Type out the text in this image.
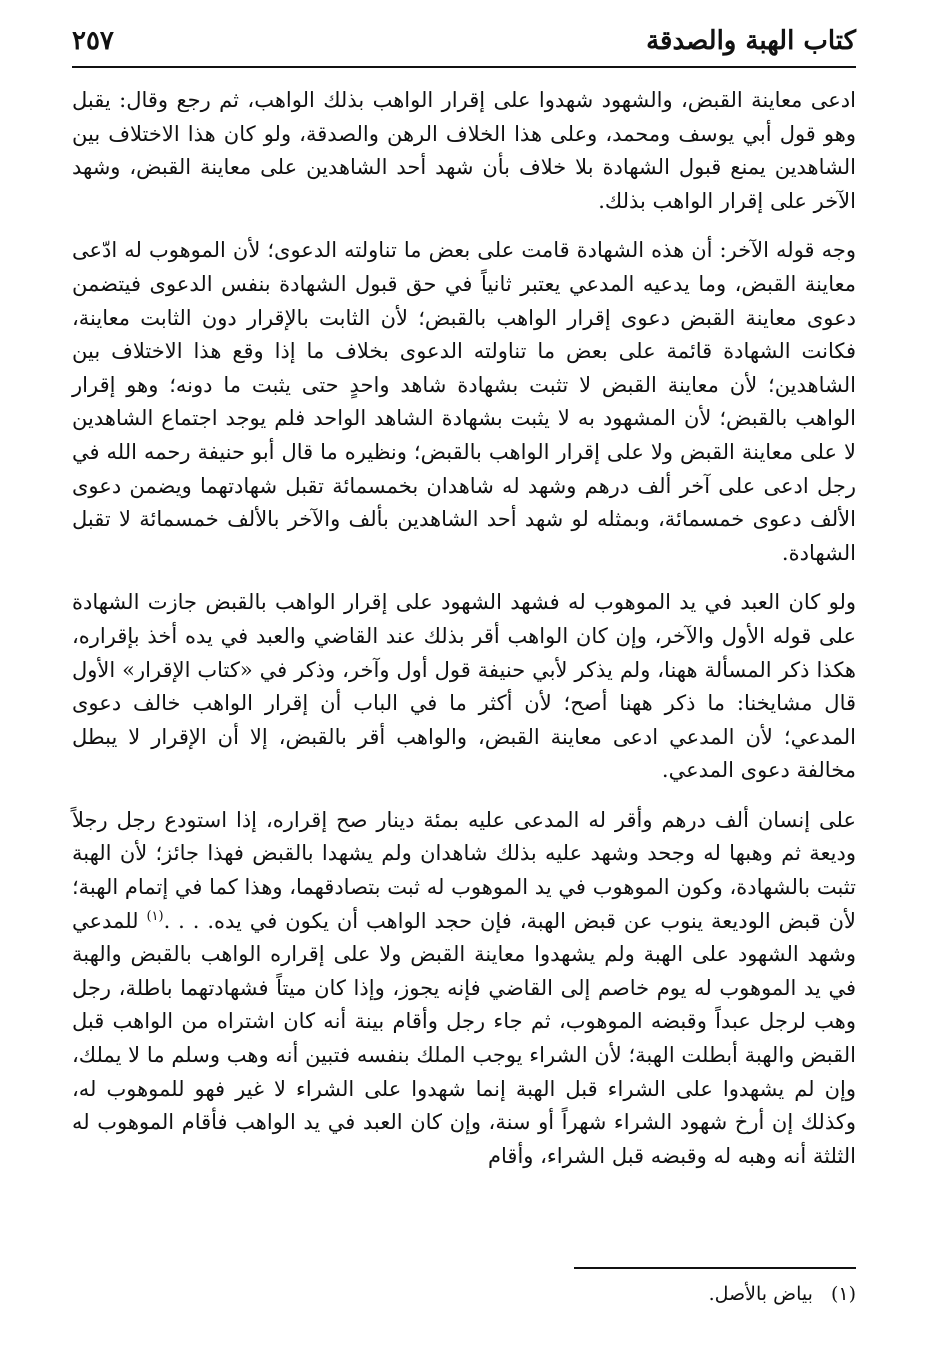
كتاب الهبة والصدقة
٢٥٧

ادعى معاينة القبض، والشهود شهدوا على إقرار الواهب بذلك الواهب، ثم رجع وقال: يقبل وهو قول أبي يوسف ومحمد، وعلى هذا الخلاف الرهن والصدقة، ولو كان هذا الاختلاف بين الشاهدين يمنع قبول الشهادة بلا خلاف بأن شهد أحد الشاهدين على معاينة القبض، وشهد الآخر على إقرار الواهب بذلك.

وجه قوله الآخر: أن هذه الشهادة قامت على بعض ما تناولته الدعوى؛ لأن الموهوب له ادّعى معاينة القبض، وما يدعيه المدعي يعتبر ثانياً في حق قبول الشهادة بنفس الدعوى فيتضمن دعوى معاينة القبض دعوى إقرار الواهب بالقبض؛ لأن الثابت بالإقرار دون الثابت معاينة، فكانت الشهادة قائمة على بعض ما تناولته الدعوى بخلاف ما إذا وقع هذا الاختلاف بين الشاهدين؛ لأن معاينة القبض لا تثبت بشهادة شاهد واحدٍ حتى يثبت ما دونه؛ وهو إقرار الواهب بالقبض؛ لأن المشهود به لا يثبت بشهادة الشاهد الواحد فلم يوجد اجتماع الشاهدين لا على معاينة القبض ولا على إقرار الواهب بالقبض؛ ونظيره ما قال أبو حنيفة رحمه الله في رجل ادعى على آخر ألف درهم وشهد له شاهدان بخمسمائة تقبل شهادتهما ويضمن دعوى الألف دعوى خمسمائة، وبمثله لو شهد أحد الشاهدين بألف والآخر بالألف خمسمائة لا تقبل الشهادة.

ولو كان العبد في يد الموهوب له فشهد الشهود على إقرار الواهب بالقبض جازت الشهادة على قوله الأول والآخر، وإن كان الواهب أقر بذلك عند القاضي والعبد في يده أخذ بإقراره، هكذا ذكر المسألة ههنا، ولم يذكر لأبي حنيفة قول أول وآخر، وذكر في «كتاب الإقرار» الأول قال مشايخنا: ما ذكر ههنا أصح؛ لأن أكثر ما في الباب أن إقرار الواهب خالف دعوى المدعي؛ لأن المدعي ادعى معاينة القبض، والواهب أقر بالقبض، إلا أن الإقرار لا يبطل مخالفة دعوى المدعي.

على إنسان ألف درهم وأقر له المدعى عليه بمئة دينار صح إقراره، إذا استودع رجل رجلاً وديعة ثم وهبها له وجحد وشهد عليه بذلك شاهدان ولم يشهدا بالقبض فهذا جائز؛ لأن الهبة تثبت بالشهادة، وكون الموهوب في يد الموهوب له ثبت بتصادقهما، وهذا كما في إتمام الهبة؛ لأن قبض الوديعة ينوب عن قبض الهبة، فإن حجد الواهب أن يكون في يده. . . .$^{(١)}$ للمدعي وشهد الشهود على الهبة ولم يشهدوا معاينة القبض ولا على إقراره الواهب بالقبض والهبة في يد الموهوب له يوم خاصم إلى القاضي فإنه يجوز، وإذا كان ميتاً فشهادتهما باطلة، رجل وهب لرجل عبداً وقبضه الموهوب، ثم جاء رجل وأقام بينة أنه كان اشتراه من الواهب قبل القبض والهبة أبطلت الهبة؛ لأن الشراء يوجب الملك بنفسه فتبين أنه وهب وسلم ما لا يملك، وإن لم يشهدوا على الشراء قبل الهبة إنما شهدوا على الشراء لا غير فهو للموهوب له، وكذلك إن أرخ شهود الشراء شهراً أو سنة، وإن كان العبد في يد الواهب فأقام الموهوب له الثلثة أنه وهبه له وقبضه قبل الشراء، وأقام

(١) بياض بالأصل.
